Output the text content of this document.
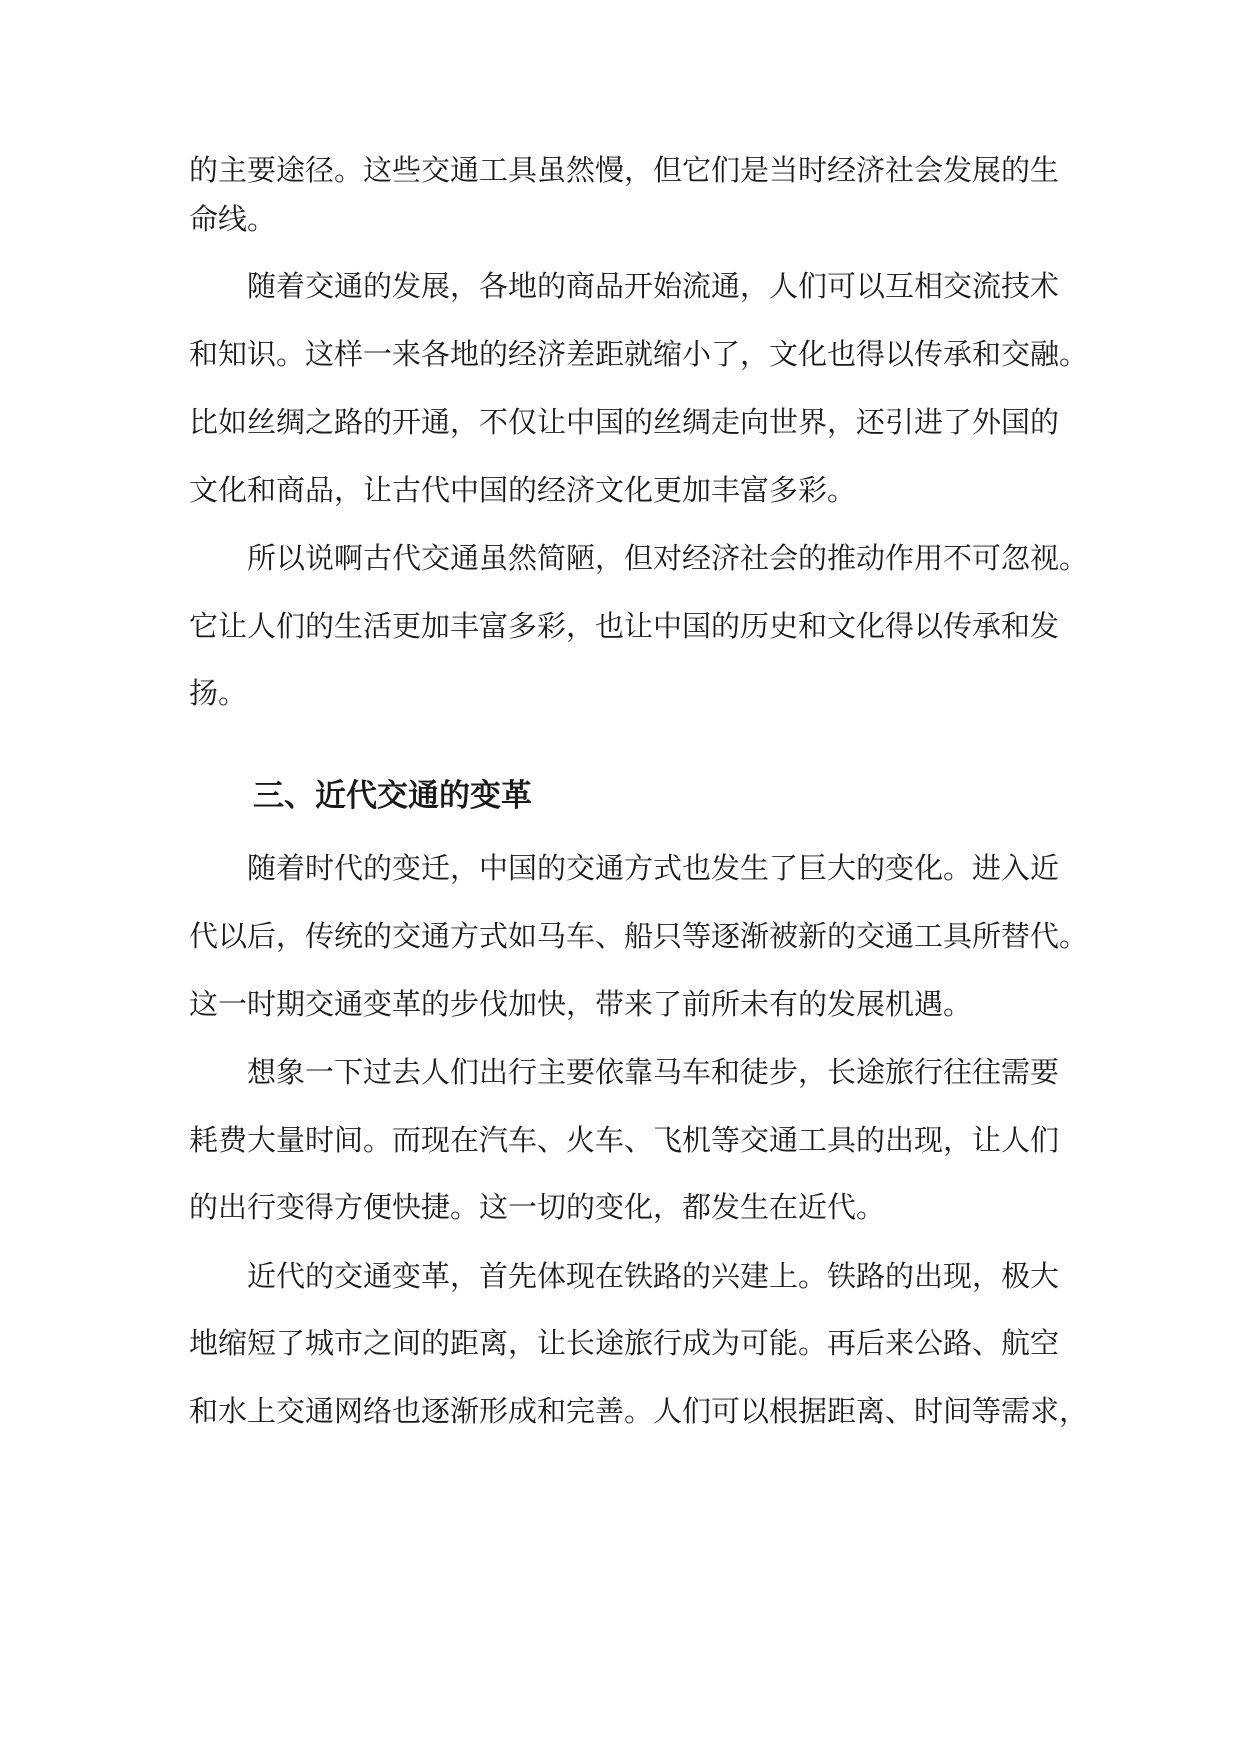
的主要途径。这些交通工具虽然慢，但它们是当时经济社会发展的生
命线。
随着交通的发展，各地的商品开始流通，人们可以互相交流技术
和知识。这样一来各地的经济差距就缩小了，文化也得以传承和交融。
比如丝绸之路的开通，不仅让中国的丝绸走向世界，还引进了外国的
文化和商品，让古代中国的经济文化更加丰富多彩。
所以说啊古代交通虽然简陋，但对经济社会的推动作用不可忽视。
它让人们的生活更加丰富多彩，也让中国的历史和文化得以传承和发
扬。
三、近代交通的变革
随着时代的变迁，中国的交通方式也发生了巨大的变化。进入近
代以后，传统的交通方式如马车、船只等逐渐被新的交通工具所替代。
这一时期交通变革的步伐加快，带来了前所未有的发展机遇。
想象一下过去人们出行主要依靠马车和徒步，长途旅行往往需要
耗费大量时间。而现在汽车、火车、飞机等交通工具的出现，让人们
的出行变得方便快捷。这一切的变化，都发生在近代。
近代的交通变革，首先体现在铁路的兴建上。铁路的出现，极大
地缩短了城市之间的距离，让长途旅行成为可能。再后来公路、航空
和水上交通网络也逐渐形成和完善。人们可以根据距离、时间等需求，
